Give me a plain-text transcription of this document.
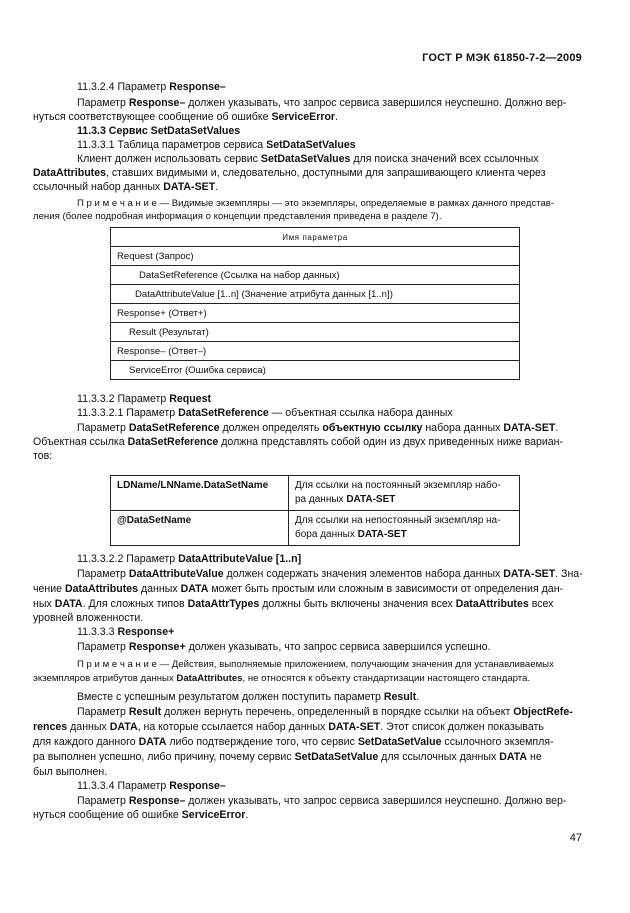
ГОСТ Р МЭК 61850-7-2—2009
11.3.2.4 Параметр Response–
Параметр Response– должен указывать, что запрос сервиса завершился неуспешно. Должно вер-
нуться соответствующее сообщение об ошибке ServiceError.
11.3.3 Сервис SetDataSetValues
11.3.3.1 Таблица параметров сервиса SetDataSetValues
Клиент должен использовать сервис SetDataSetValues для поиска значений всех ссылочных
DataAttributes, ставших видимыми и, следовательно, доступными для запрашивающего клиента через
ссылочный набор данных DATA-SET.
П р и м е ч а н и е — Видимые экземпляры — это экземпляры, определяемые в рамках данного представ-
ления (более подробная информация о концепции представления приведена в разделе 7).
Имя параметра
Request (Запрос)
DataSetReference (Ссылка на набор данных)
DataAttributeValue [1..n] (Значение атрибута данных [1..n])
Response+ (Ответ+)
Result (Результат)
Response– (Ответ–)
ServiceError (Ошибка сервиса)
11.3.3.2 Параметр Request
11.3.3.2.1 Параметр DataSetReference — объектная ссылка набора данных
Параметр DataSetReference должен определять объектную ссылку набора данных DATA-SET.
Объектная ссылка DataSetReference должна представлять собой один из двух приведенных ниже вариан-
тов:
LDName/LNName.DataSetName	Для ссылки на постоянный экземпляр набо-
ра данных DATA-SET
@DataSetName	Для ссылки на непостоянный экземпляр на-
бора данных DATA-SET
11.3.3.2.2 Параметр DataAttributeValue [1..n]
Параметр DataAttributeValue должен содержать значения элементов набора данных DATA-SET. Зна-
чение DataAttributes данных DATA может быть простым или сложным в зависимости от определения дан-
ных DATA. Для сложных типов DataAttrTypes должны быть включены значения всех DataAttributes всех
уровней вложенности.
11.3.3.3 Response+
Параметр Response+ должен указывать, что запрос сервиса завершился успешно.
П р и м е ч а н и е — Действия, выполняемые приложением, получающим значения для устанавливаемых
экземпляров атрибутов данных DataAttributes, не относятся к объекту стандартизации настоящего стандарта.
Вместе с успешным результатом должен поступить параметр Result.
Параметр Result должен вернуть перечень, определенный в порядке ссылки на объект ObjectRefe-
rences данных DATA, на которые ссылается набор данных DATA-SET. Этот список должен показывать
для каждого данного DATA либо подтверждение того, что сервис SetDataSetValue ссылочного экземпля-
ра выполнен успешно, либо причину, почему сервис SetDataSetValue для ссылочных данных DATA не
был выполнен.
11.3.3.4 Параметр Response–
Параметр Response– должен указывать, что запрос сервиса завершился неуспешно. Должно вер-
нуться сообщение об ошибке ServiceError.
47
